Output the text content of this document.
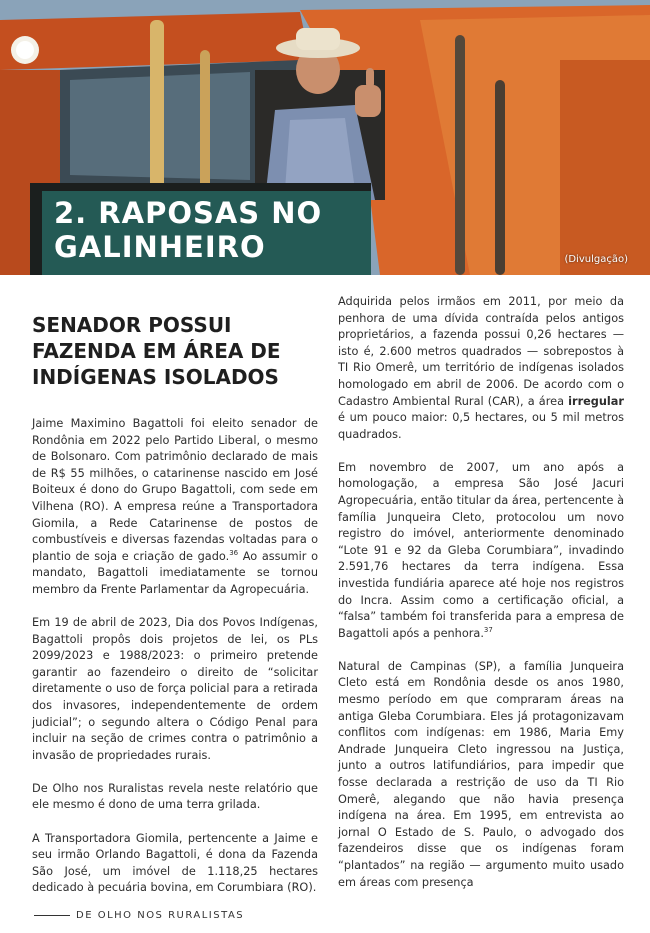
(Divulgação)
2. RAPOSAS NO GALINHEIRO
SENADOR POSSUI FAZENDA EM ÁREA DE INDÍGENAS ISOLADOS

Jaime Maximino Bagattoli foi eleito senador de Rondônia em 2022 pelo Partido Liberal, o mesmo de Bolsonaro. Com patrimônio declarado de mais de R$ 55 milhões, o catarinense nascido em José Boiteux é dono do Grupo Bagattoli, com sede em Vilhena (RO). A empresa reúne a Transportadora Giomila, a Rede Catarinense de postos de combustíveis e diversas fazendas voltadas para o plantio de soja e criação de gado.$^{36}$ Ao assumir o mandato, Bagattoli imediatamente se tornou membro da Frente Parlamentar da Agropecuária.

Em 19 de abril de 2023, Dia dos Povos Indígenas, Bagattoli propôs dois projetos de lei, os PLs 2099/2023 e 1988/2023: o primeiro pretende garantir ao fazendeiro o direito de “solicitar diretamente o uso de força policial para a retirada dos invasores, independentemente de ordem judicial”; o segundo altera o Código Penal para incluir na seção de crimes contra o patrimônio a invasão de propriedades rurais.

De Olho nos Ruralistas revela neste relatório que ele mesmo é dono de uma terra grilada.

A Transportadora Giomila, pertencente a Jaime e seu irmão Orlando Bagattoli, é dona da Fazenda São José, um imóvel de 1.118,25 hectares dedicado à pecuária bovina, em Corumbiara (RO).

Adquirida pelos irmãos em 2011, por meio da penhora de uma dívida contraída pelos antigos proprietários, a fazenda possui 0,26 hectares — isto é, 2.600 metros quadrados — sobrepostos à TI Rio Omerê, um território de indígenas isolados homologado em abril de 2006. De acordo com o Cadastro Ambiental Rural (CAR), a área irregular é um pouco maior: 0,5 hectares, ou 5 mil metros quadrados.

Em novembro de 2007, um ano após a homologação, a empresa São José Jacuri Agropecuária, então titular da área, pertencente à família Junqueira Cleto, protocolou um novo registro do imóvel, anteriormente denominado “Lote 91 e 92 da Gleba Corumbiara”, invadindo 2.591,76 hectares da terra indígena. Essa investida fundiária aparece até hoje nos registros do Incra. Assim como a certificação oficial, a “falsa” também foi transferida para a empresa de Bagattoli após a penhora.$^{37}$

Natural de Campinas (SP), a família Junqueira Cleto está em Rondônia desde os anos 1980, mesmo período em que compraram áreas na antiga Gleba Corumbiara. Eles já protagonizavam conflitos com indígenas: em 1986, Maria Emy Andrade Junqueira Cleto ingressou na Justiça, junto a outros latifundiários, para impedir que fosse declarada a restrição de uso da TI Rio Omerê, alegando que não havia presença indígena na área. Em 1995, em entrevista ao jornal O Estado de S. Paulo, o advogado dos fazendeiros disse que os indígenas foram “plantados” na região — argumento muito usado em áreas com presença

DE OLHO NOS RURALISTAS
